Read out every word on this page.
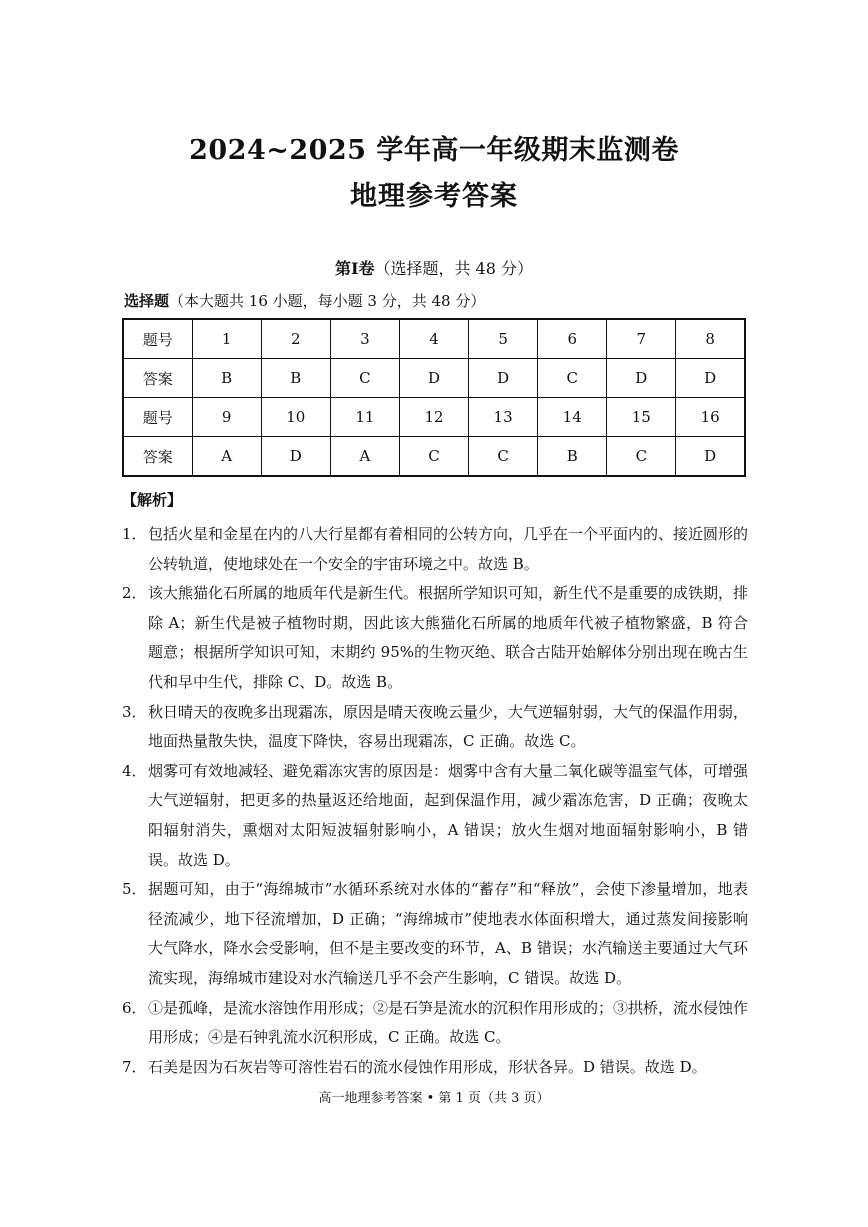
2024~2025 学年高一年级期末监测卷
地理参考答案
第Ⅰ卷（选择题，共 48 分）
选择题（本大题共 16 小题，每小题 3 分，共 48 分）
题号	1	2	3	4	5	6	7	8
答案	B	B	C	D	D	C	D	D
题号	9	10	11	12	13	14	15	16
答案	A	D	A	C	C	B	C	D
【解析】

1． 包括火星和金星在内的八大行星都有着相同的公转方向，几乎在一个平面内的、接近圆形的公转轨道，使地球处在一个安全的宇宙环境之中。故选 B。

2． 该大熊猫化石所属的地质年代是新生代。根据所学知识可知，新生代不是重要的成铁期，排除 A；新生代是被子植物时期，因此该大熊猫化石所属的地质年代被子植物繁盛，B 符合题意；根据所学知识可知，末期约 95%的生物灭绝、联合古陆开始解体分别出现在晚古生代和早中生代，排除 C、D。故选 B。

3． 秋日晴天的夜晚多出现霜冻，原因是晴天夜晚云量少，大气逆辐射弱，大气的保温作用弱，地面热量散失快，温度下降快，容易出现霜冻，C 正确。故选 C。

4． 烟雾可有效地减轻、避免霜冻灾害的原因是：烟雾中含有大量二氧化碳等温室气体，可增强大气逆辐射，把更多的热量返还给地面，起到保温作用，减少霜冻危害，D 正确；夜晚太阳辐射消失，熏烟对太阳短波辐射影响小，A 错误；放火生烟对地面辐射影响小，B 错误。故选 D。

5． 据题可知，由于“海绵城市”水循环系统对水体的“蓄存”和“释放”，会使下渗量增加，地表径流减少，地下径流增加，D 正确；“海绵城市”使地表水体面积增大，通过蒸发间接影响大气降水，降水会受影响，但不是主要改变的环节，A、B 错误；水汽输送主要通过大气环流实现，海绵城市建设对水汽输送几乎不会产生影响，C 错误。故选 D。

6． ①是孤峰，是流水溶蚀作用形成；②是石笋是流水的沉积作用形成的；③拱桥，流水侵蚀作用形成；④是石钟乳流水沉积形成，C 正确。故选 C。

7． 石美是因为石灰岩等可溶性岩石的流水侵蚀作用形成，形状各异。D 错误。故选 D。

高一地理参考答案 • 第 1 页（共 3 页）
